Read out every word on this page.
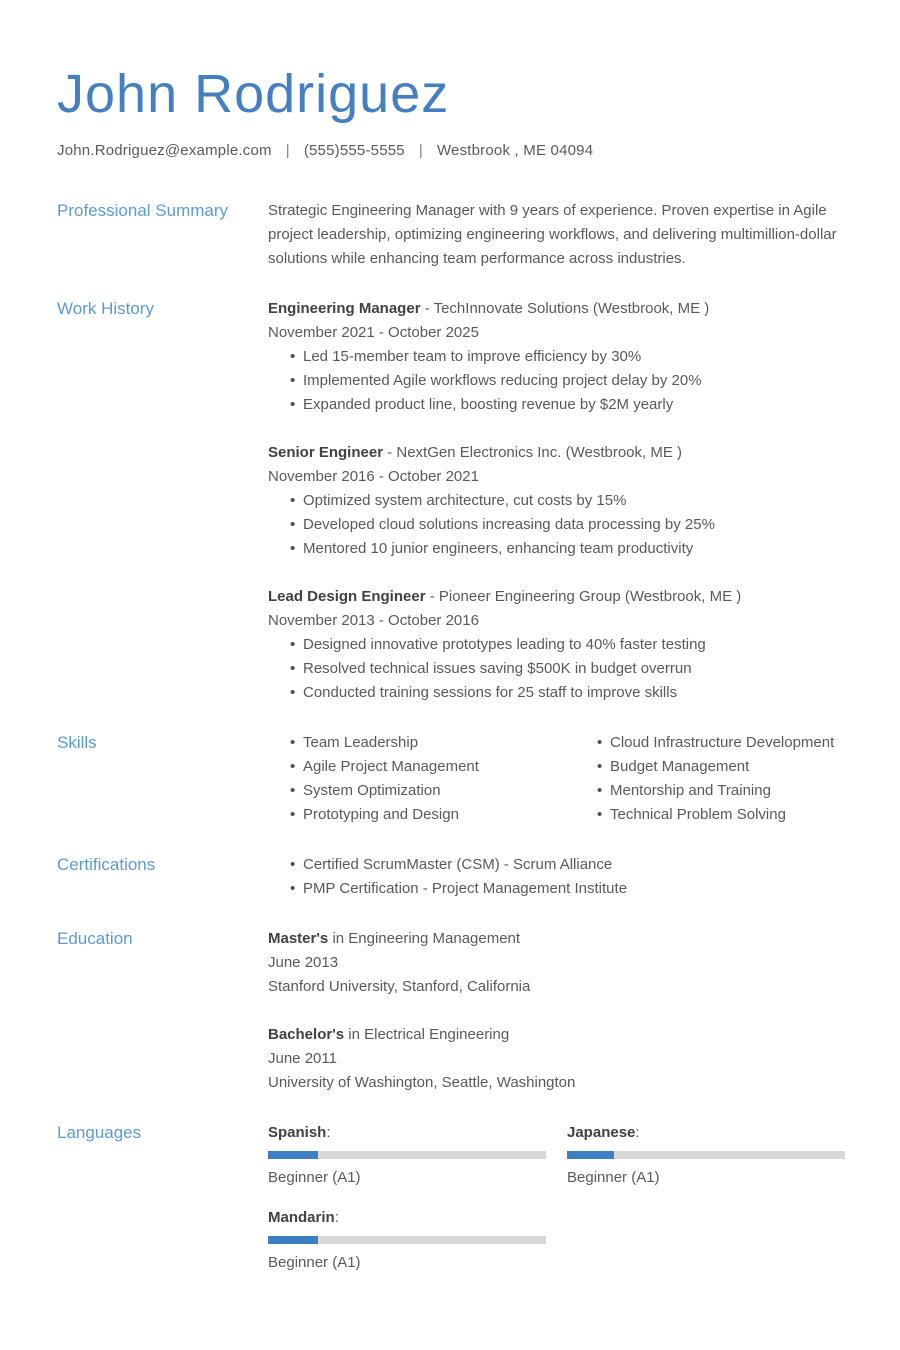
John Rodriguez
John.Rodriguez@example.com | (555)555-5555 | Westbrook , ME 04094
Professional Summary	Strategic Engineering Manager with 9 years of experience. Proven expertise in Agile project leadership, optimizing engineering workflows, and delivering multimillion-dollar solutions while enhancing team performance across industries.

Work History	Engineering Manager - TechInnovate Solutions (Westbrook, ME )
November 2021 - October 2025
• Led 15-member team to improve efficiency by 30%
• Implemented Agile workflows reducing project delay by 20%
• Expanded product line, boosting revenue by $2M yearly
Senior Engineer - NextGen Electronics Inc. (Westbrook, ME )
November 2016 - October 2021
• Optimized system architecture, cut costs by 15%
• Developed cloud solutions increasing data processing by 25%
• Mentored 10 junior engineers, enhancing team productivity
Lead Design Engineer - Pioneer Engineering Group (Westbrook, ME )
November 2013 - October 2016
• Designed innovative prototypes leading to 40% faster testing
• Resolved technical issues saving $500K in budget overrun
• Conducted training sessions for 25 staff to improve skills
Skills	• Team Leadership
• Agile Project Management
• System Optimization
• Prototyping and Design
• Cloud Infrastructure Development
• Budget Management
• Mentorship and Training
• Technical Problem Solving
Certifications	• Certified ScrumMaster (CSM) - Scrum Alliance
• PMP Certification - Project Management Institute
Education	Master's in Engineering Management
June 2013
Stanford University, Stanford, California
Bachelor's in Electrical Engineering
June 2011
University of Washington, Seattle, Washington
Languages	Spanish:
Beginner (A1)
Japanese:
Beginner (A1)
Mandarin:
Beginner (A1)
